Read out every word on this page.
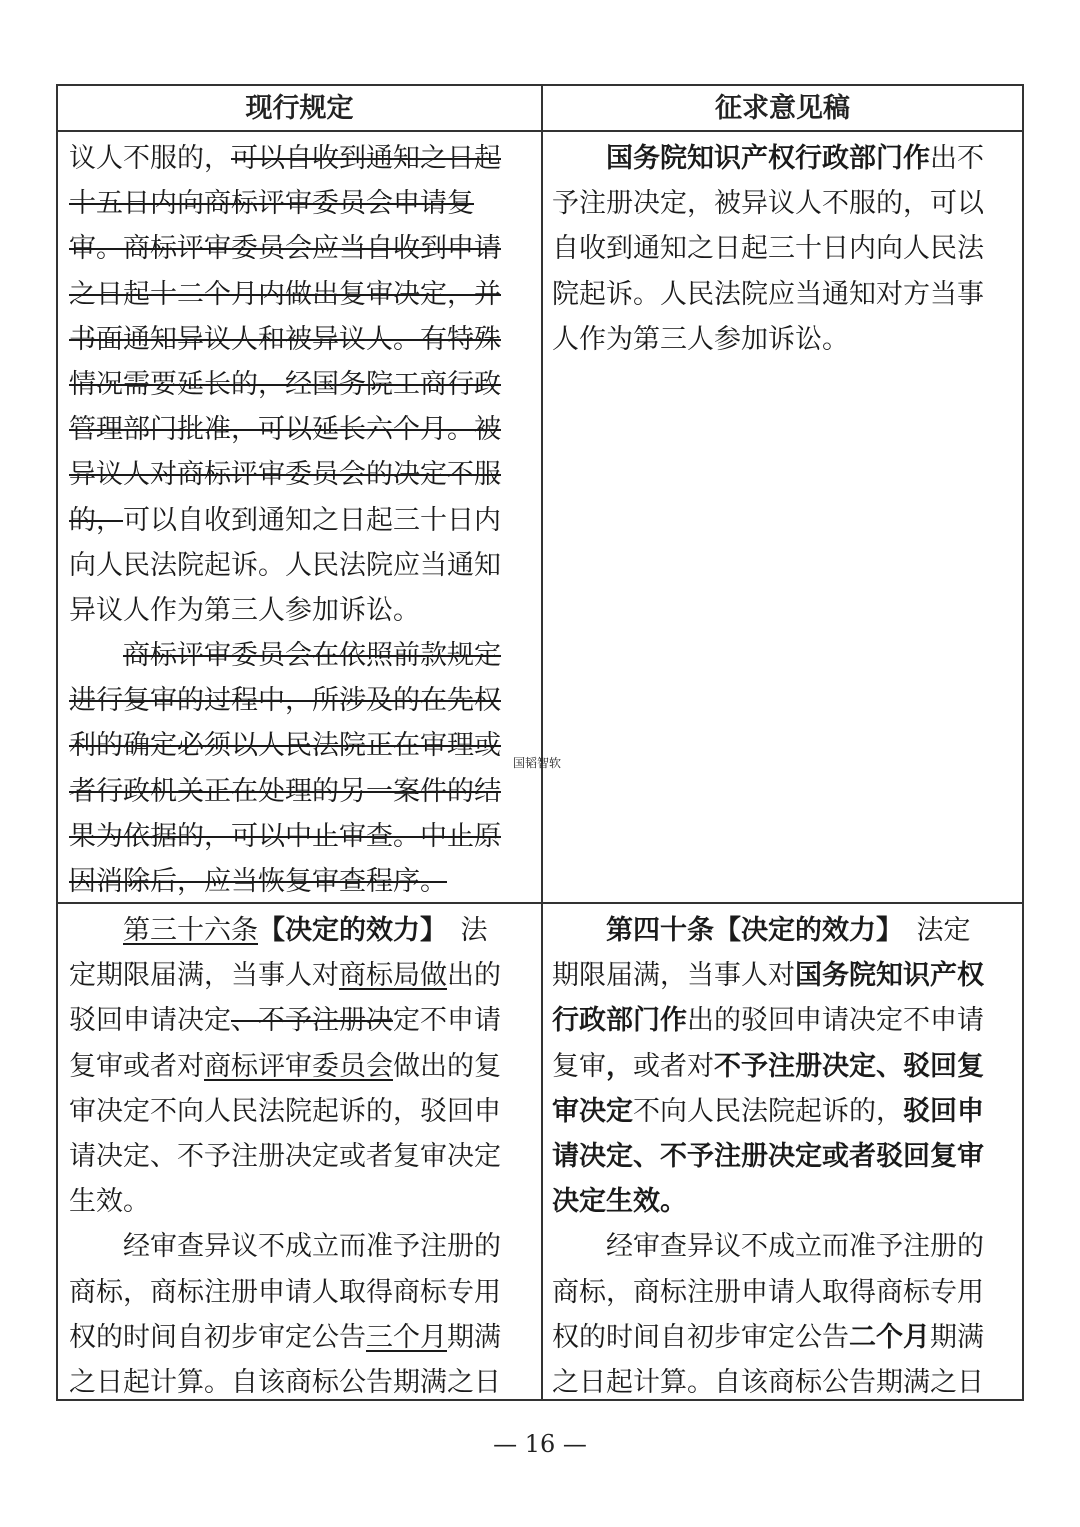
现行规定	征求意见稿
议人不服的，可以自收到通知之日起
十五日内向商标评审委员会申请复
审。商标评审委员会应当自收到申请
之日起十二个月内做出复审决定，并
书面通知异议人和被异议人。有特殊
情况需要延长的，经国务院工商行政
管理部门批准，可以延长六个月。被
异议人对商标评审委员会的决定不服
的，可以自收到通知之日起三十日内
向人民法院起诉。人民法院应当通知
异议人作为第三人参加诉讼。
　　商标评审委员会在依照前款规定
进行复审的过程中，所涉及的在先权
利的确定必须以人民法院正在审理或
者行政机关正在处理的另一案件的结
果为依据的，可以中止审查。中止原
因消除后，应当恢复审查程序。
　　国务院知识产权行政部门作出不
予注册决定，被异议人不服的，可以
自收到通知之日起三十日内向人民法
院起诉。人民法院应当通知对方当事
人作为第三人参加诉讼。
　　第三十六条【决定的效力】　法
定期限届满，当事人对商标局做出的
驳回申请决定、不予注册决定不申请
复审或者对商标评审委员会做出的复
审决定不向人民法院起诉的，驳回申
请决定、不予注册决定或者复审决定
生效。
　　经审查异议不成立而准予注册的
商标，商标注册申请人取得商标专用
权的时间自初步审定公告三个月期满
之日起计算。自该商标公告期满之日
　　第四十条【决定的效力】　法定
期限届满，当事人对国务院知识产权
行政部门作出的驳回申请决定不申请
复审，或者对不予注册决定、驳回复
审决定不向人民法院起诉的，驳回申
请决定、不予注册决定或者驳回复审
决定生效。
　　经审查异议不成立而准予注册的
商标，商标注册申请人取得商标专用
权的时间自初步审定公告二个月期满
之日起计算。自该商标公告期满之日
国韬智软
— 16 —
